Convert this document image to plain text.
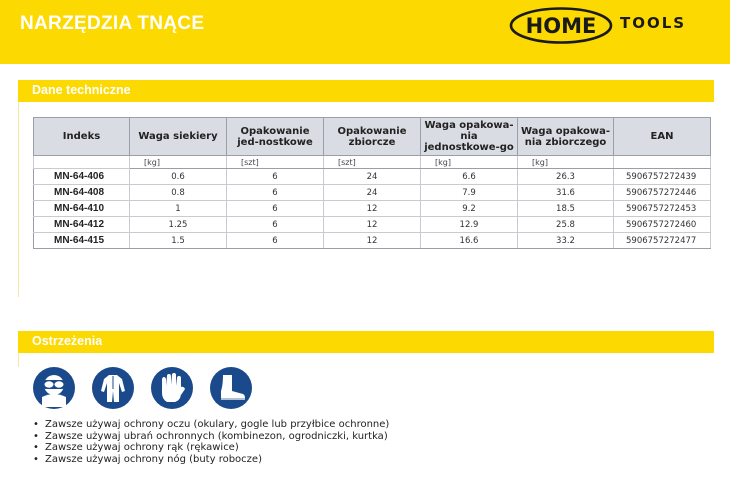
NARZĘDZIA TNĄCE	HOME TOOLS
Dane techniczne
Indeks	Waga siekiery	Opakowanie jed-nostkowe	Opakowanie zbiorcze	Waga opakowa-nia jednostkowe-go	Waga opakowa-nia zbiorczego	EAN
	[kg]	[szt]	[szt]	[kg]	[kg]	
MN-64-406	0.6	6	24	6.6	26.3	5906757272439
MN-64-408	0.8	6	24	7.9	31.6	5906757272446
MN-64-410	1	6	12	9.2	18.5	5906757272453
MN-64-412	1.25	6	12	12.9	25.8	5906757272460
MN-64-415	1.5	6	12	16.6	33.2	5906757272477
Ostrzeżenia
• Zawsze używaj ochrony oczu (okulary, gogle lub przyłbice ochronne)
• Zawsze używaj ubrań ochronnych (kombinezon, ogrodniczki, kurtka)
• Zawsze używaj ochrony rąk (rękawice)
• Zawsze używaj ochrony nóg (buty robocze)
